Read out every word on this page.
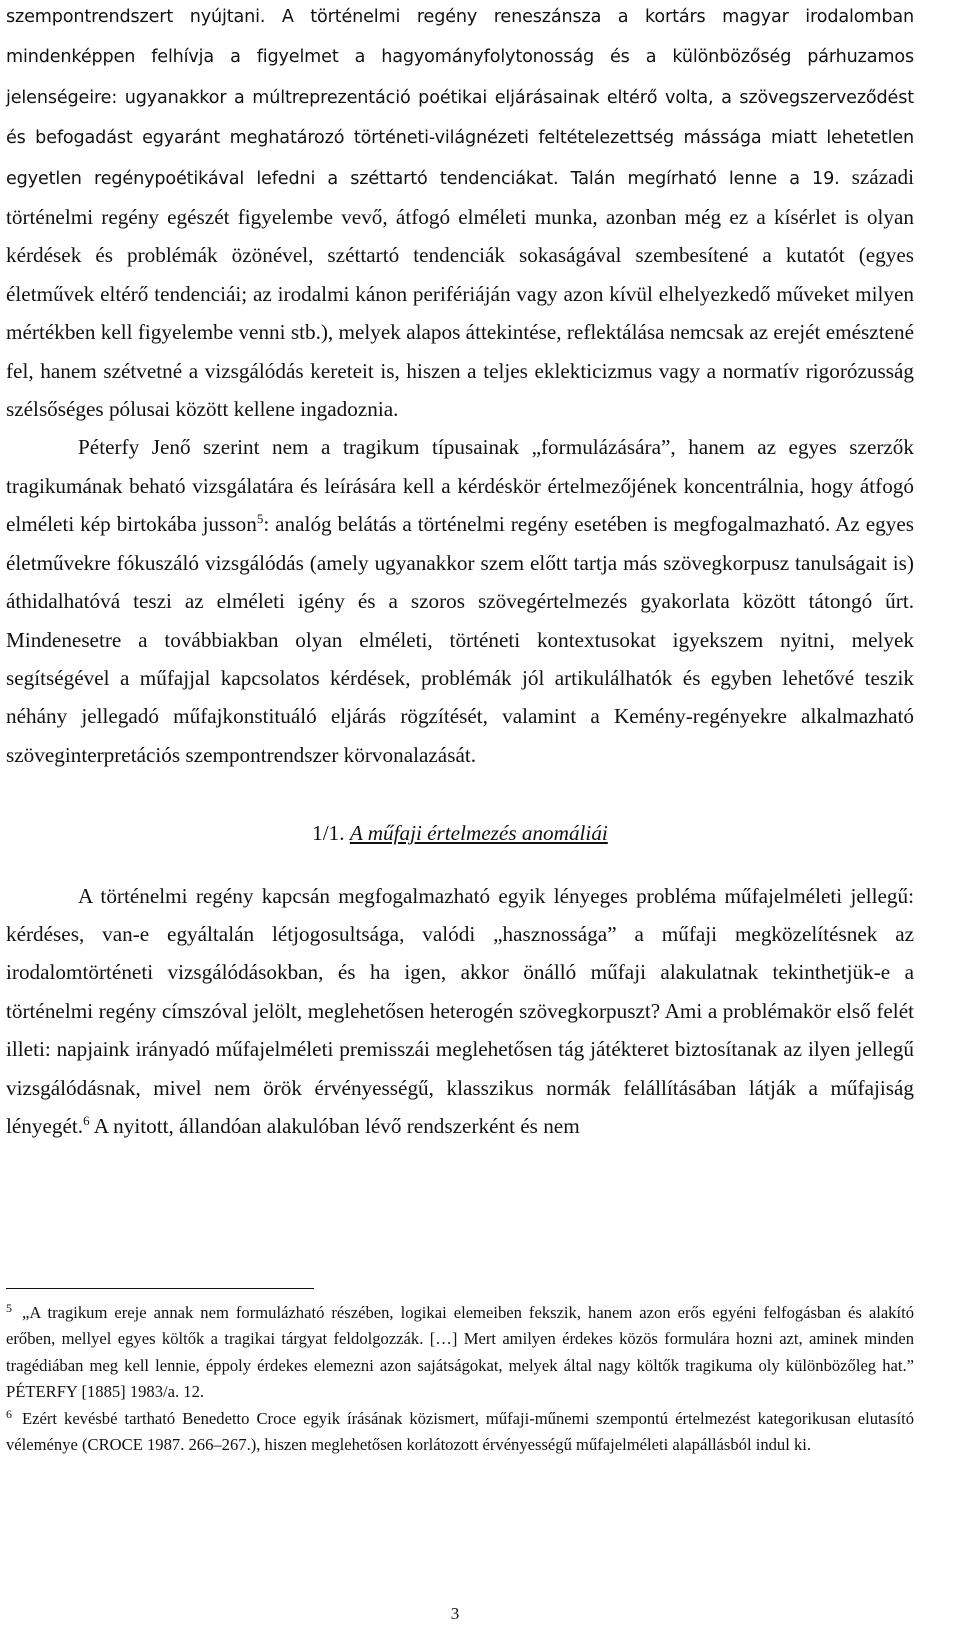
szempontrendszert nyújtani. A történelmi regény reneszánsza a kortárs magyar irodalomban mindenképpen felhívja a figyelmet a hagyományfolytonosság és a különbözőség párhuzamos jelenségeire: ugyanakkor a múltreprezentáció poétikai eljárásainak eltérő volta, a szövegszerveződést és befogadást egyaránt meghatározó történeti-világnézeti feltételezettség mássága miatt lehetetlen egyetlen regénypoétikával lefedni a széttartó tendenciákat. Talán megírható lenne a 19. századi történelmi regény egészét figyelembe vevő, átfogó elméleti munka, azonban még ez a kísérlet is olyan kérdések és problémák özönével, széttartó tendenciák sokaságával szembesítené a kutatót (egyes életművek eltérő tendenciái; az irodalmi kánon perifériáján vagy azon kívül elhelyezkedő műveket milyen mértékben kell figyelembe venni stb.), melyek alapos áttekintése, reflektálása nemcsak az erejét emésztené fel, hanem szétvetné a vizsgálódás kereteit is, hiszen a teljes eklekticizmus vagy a normatív rigorózusság szélsőséges pólusai között kellene ingadoznia.

Péterfy Jenő szerint nem a tragikum típusainak „formulázására”, hanem az egyes szerzők tragikumának beható vizsgálatára és leírására kell a kérdéskör értelmezőjének koncentrálnia, hogy átfogó elméleti kép birtokába jusson$^5$: analóg belátás a történelmi regény esetében is megfogalmazható. Az egyes életművekre fókuszáló vizsgálódás (amely ugyanakkor szem előtt tartja más szövegkorpusz tanulságait is) áthidalhatóvá teszi az elméleti igény és a szoros szövegértelmezés gyakorlata között tátongó űrt. Mindenesetre a továbbiakban olyan elméleti, történeti kontextusokat igyekszem nyitni, melyek segítségével a műfajjal kapcsolatos kérdések, problémák jól artikulálhatók és egyben lehetővé teszik néhány jellegadó műfajkonstituáló eljárás rögzítését, valamint a Kemény-regényekre alkalmazható szöveginterpretációs szempontrendszer körvonalazását.

1/1. A műfaji értelmezés anomáliái

A történelmi regény kapcsán megfogalmazható egyik lényeges probléma műfajelméleti jellegű: kérdéses, van-e egyáltalán létjogosultsága, valódi „hasznossága” a műfaji megközelítésnek az irodalomtörténeti vizsgálódásokban, és ha igen, akkor önálló műfaji alakulatnak tekinthetjük-e a történelmi regény címszóval jelölt, meglehetősen heterogén szövegkorpuszt? Ami a problémakör első felét illeti: napjaink irányadó műfajelméleti premisszái meglehetősen tág játékteret biztosítanak az ilyen jellegű vizsgálódásnak, mivel nem örök érvényességű, klasszikus normák felállításában látják a műfajiság lényegét.$^6$ A nyitott, állandóan alakulóban lévő rendszerként és nem

$^5$ „A tragikum ereje annak nem formulázható részében, logikai elemeiben fekszik, hanem azon erős egyéni felfogásban és alakító erőben, mellyel egyes költők a tragikai tárgyat feldolgozzák. […] Mert amilyen érdekes közös formulára hozni azt, aminek minden tragédiában meg kell lennie, éppoly érdekes elemezni azon sajátságokat, melyek által nagy költők tragikuma oly különbözőleg hat.” PÉTERFY [1885] 1983/a. 12.

$^6$ Ezért kevésbé tartható Benedetto Croce egyik írásának közismert, műfaji-műnemi szempontú értelmezést kategorikusan elutasító véleménye (CROCE 1987. 266–267.), hiszen meglehetősen korlátozott érvényességű műfajelméleti alapállásból indul ki.

3
